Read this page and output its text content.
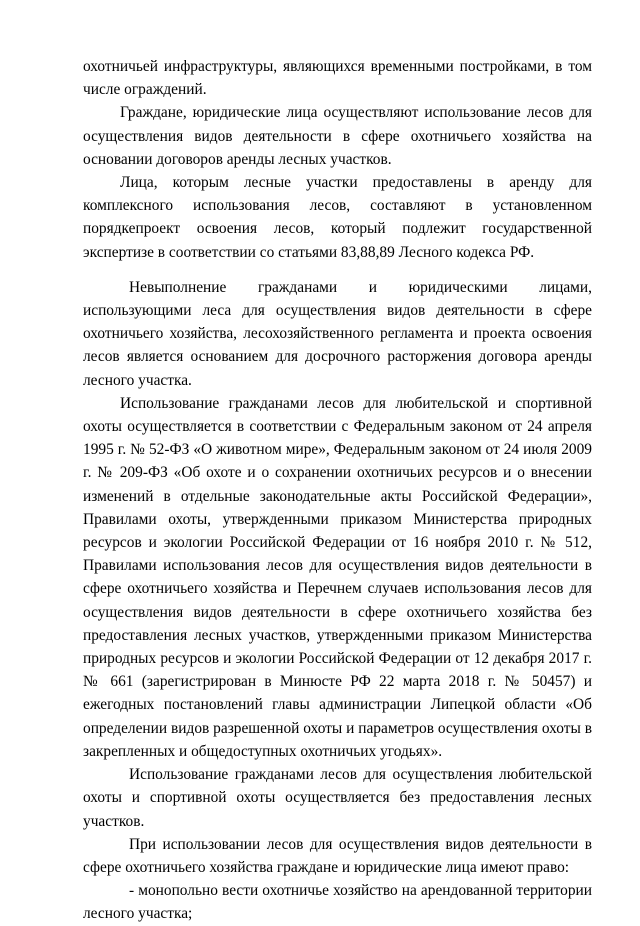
охотничьей инфраструктуры, являющихся временными постройками, в том числе ограждений.

Граждане, юридические лица осуществляют использование лесов для осуществления видов деятельности в сфере охотничьего хозяйства на основании договоров аренды лесных участков.

Лица, которым лесные участки предоставлены в аренду для комплексного использования лесов, составляют в установленном порядкепроект освоения лесов, который подлежит государственной экспертизе в соответствии со статьями 83,88,89 Лесного кодекса РФ.

Невыполнение гражданами и юридическими лицами, использующими леса для осуществления видов деятельности в сфере охотничьего хозяйства, лесохозяйственного регламента и проекта освоения лесов является основанием для досрочного расторжения договора аренды лесного участка.

Использование гражданами лесов для любительской и спортивной охоты осуществляется в соответствии с Федеральным законом от 24 апреля 1995 г. № 52-ФЗ «О животном мире», Федеральным законом от 24 июля 2009 г. № 209-ФЗ «Об охоте и о сохранении охотничьих ресурсов и о внесении изменений в отдельные законодательные акты Российской Федерации», Правилами охоты, утвержденными приказом Министерства природных ресурсов и экологии Российской Федерации от 16 ноября 2010 г. № 512, Правилами использования лесов для осуществления видов деятельности в сфере охотничьего хозяйства и Перечнем случаев использования лесов для осуществления видов деятельности в сфере охотничьего хозяйства без предоставления лесных участков, утвержденными приказом Министерства природных ресурсов и экологии Российской Федерации от 12 декабря 2017 г. № 661 (зарегистрирован в Минюсте РФ 22 марта 2018 г. № 50457) и ежегодных постановлений главы администрации Липецкой области «Об определении видов разрешенной охоты и параметров осуществления охоты в закрепленных и общедоступных охотничьих угодьях».

Использование гражданами лесов для осуществления любительской охоты и спортивной охоты осуществляется без предоставления лесных участков.

При использовании лесов для осуществления видов деятельности в сфере охотничьего хозяйства граждане и юридические лица имеют право:

- монопольно вести охотничье хозяйство на арендованной территории лесного участка;
